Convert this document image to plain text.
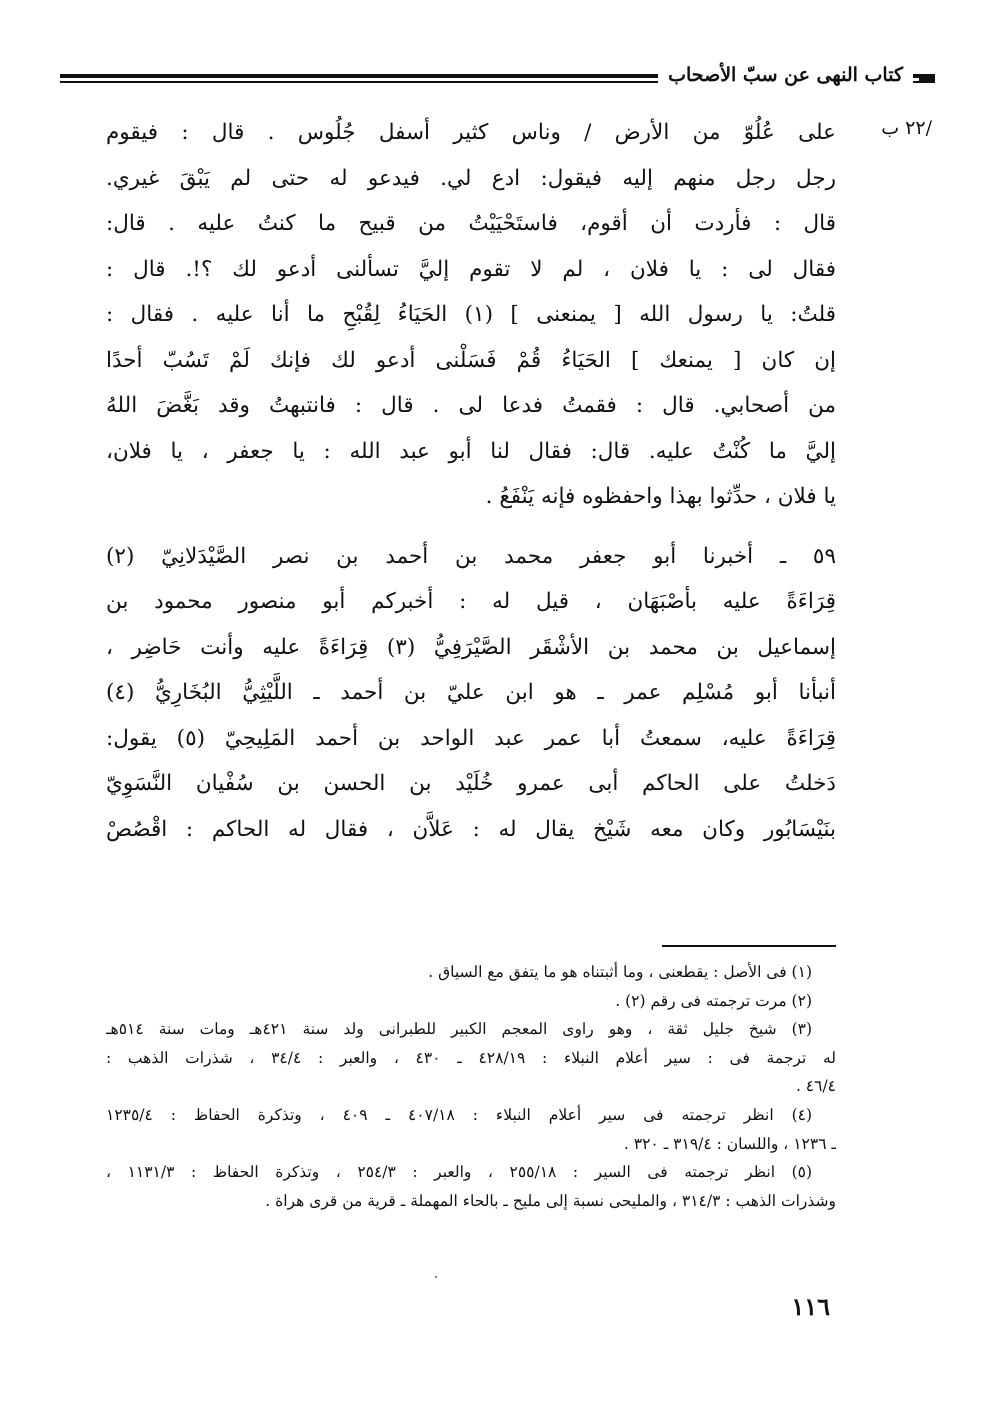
كتاب النهى عن سبّ الأصحاب
/٢٢ ب
على عُلُوّ من الأرض / وناس كثير أسفل جُلُوس . قال : فيقوم
رجل رجل منهم إليه فيقول: ادع لي. فيدعو له حتى لم يَبْقَ غيري.
قال : فأردت أن أقوم، فاستَحْيَيْتُ من قبيح ما كنتُ عليه . قال:
فقال لى : يا فلان ، لم لا تقوم إليَّ تسألنى أدعو لك ؟!. قال :
قلتُ: يا رسول الله [ يمنعنى ] (١) الحَيَاءُ لِقُبْحِ ما أنا عليه . فقال :
إن كان [ يمنعك ] الحَيَاءُ قُمْ فَسَلْنى أدعو لك فإنك لَمْ تَسُبّ أحدًا
من أصحابي. قال : فقمتُ فدعا لى . قال : فانتبهتُ وقد بَغَّضَ اللهُ
إليَّ ما كُنْتُ عليه. قال: فقال لنا أبو عبد الله : يا جعفر ، يا فلان،
يا فلان ، حدِّثوا بهذا واحفظوه فإنه يَنْفَعُ .
٥٩ ـ أخبرنا أبو جعفر محمد بن أحمد بن نصر الصَّيْدَلانِيّ (٢)
قِرَاءَةً عليه بأصْبَهَان ، قيل له : أخبركم أبو منصور محمود بن
إسماعيل بن محمد بن الأشْقَر الصَّيْرَفِيُّ (٣) قِرَاءَةً عليه وأنت حَاضِر ،
أنبأنا أبو مُسْلِم عمر ـ هو ابن عليّ بن أحمد ـ اللَّيْثِيُّ البُخَارِيُّ (٤)
قِرَاءَةً عليه، سمعتُ أبا عمر عبد الواحد بن أحمد المَلِيحِيّ (٥) يقول:
دَخلتُ على الحاكم أبى عمرو خُلَيْد بن الحسن بن سُفْيان النَّسَوِيّ
بنَيْسَابُور وكان معه شَيْخ يقال له : عَلاَّن ، فقال له الحاكم : اقْصُصْ
(١) فى الأصل : يقطعنى ، وما أثبتناه هو ما يتفق مع السياق .
(٢) مرت ترجمته فى رقم (٢) .
(٣) شيخ جليل ثقة ، وهو راوى المعجم الكبير للطبرانى ولد سنة ٤٢١هـ ومات سنة ٥١٤هـ
له ترجمة فى : سير أعلام النبلاء : ٤٢٨/١٩ ـ ٤٣٠ ، والعبر : ٣٤/٤ ، شذرات الذهب :
٤٦/٤ .
(٤) انظر ترجمته فى سير أعلام النبلاء : ٤٠٧/١٨ ـ ٤٠٩ ، وتذكرة الحفاظ : ١٢٣٥/٤
ـ ١٢٣٦ ، واللسان : ٣١٩/٤ ـ ٣٢٠ .
(٥) انظر ترجمته فى السير : ٢٥٥/١٨ ، والعبر : ٢٥٤/٣ ، وتذكرة الحفاظ : ١١٣١/٣ ،
وشذرات الذهب : ٣١٤/٣ ، والمليحى نسبة إلى مليح ـ بالحاء المهملة ـ قرية من قرى هراة .
١١٦
